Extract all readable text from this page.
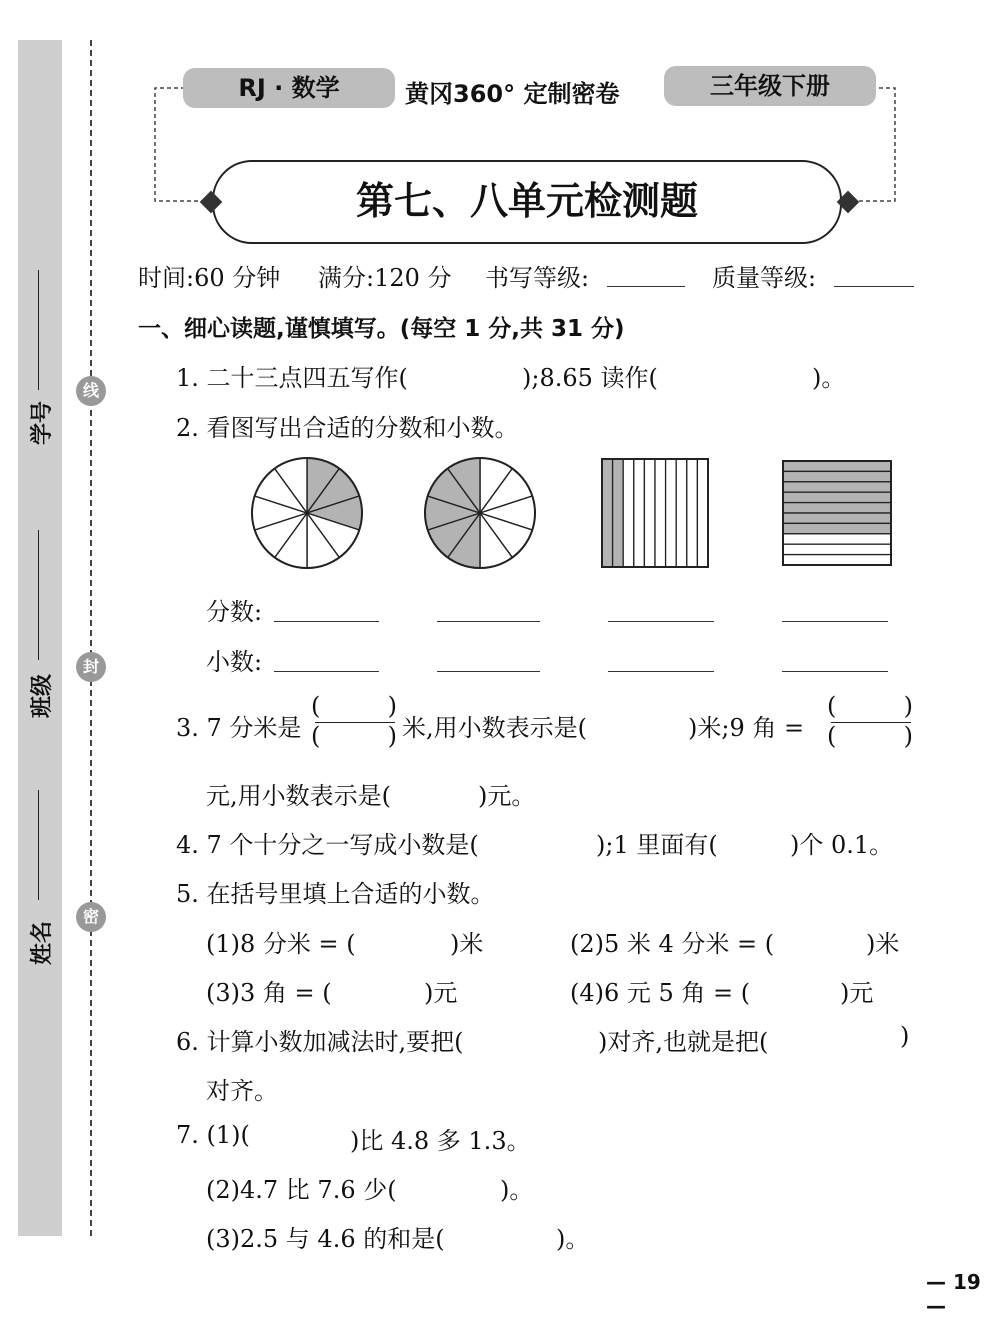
学号
班级
姓名
线
封
密
RJ · 数学	黄冈360° 定制密卷	三年级下册
第七、八单元检测题
时间:60 分钟 满分:120 分 书写等级:	质量等级:
一、细心读题,谨慎填写。(每空 1 分,共 31 分)
1. 二十三点四五写作(	);8.65 读作(	)。
2. 看图写出合适的分数和小数。
分数:
小数:
3. 7 分米是
(	)
(	) 米,用小数表示是(	)米;9 角 =
(	)
(	)
元,用小数表示是(	)元。
4. 7 个十分之一写成小数是(	);1 里面有(	)个 0.1。
5. 在括号里填上合适的小数。
(1)8 分米 = (	)米	(2)5 米 4 分米 = (	)米
(3)3 角 = (	)元	(4)6 元 5 角 = (	)元
6. 计算小数加减法时,要把(	)对齐,也就是把(	)
对齐。
7. (1)(	)比 4.8 多 1.3。
(2)4.7 比 7.6 少(	)。
(3)2.5 与 4.6 的和是(	)。
— 19 —
